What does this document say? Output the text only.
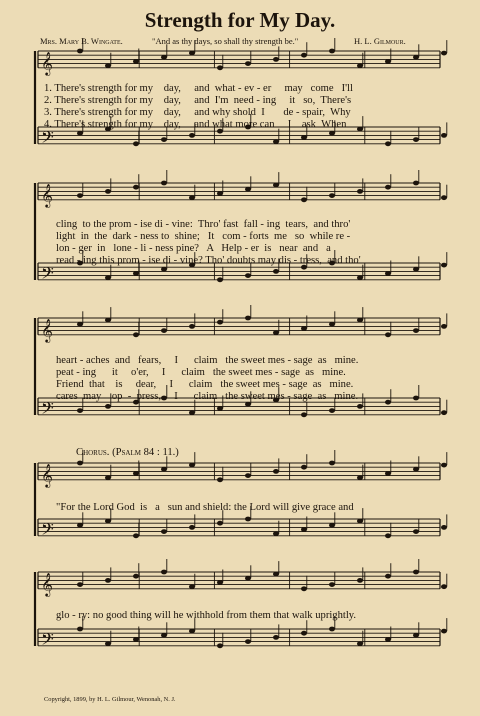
Strength for My Day.
Mrs. Mary B. Wingate.	"And as thy days, so shall thy strength be."	H. L. Gilmour.
𝄞
𝄢
𝄞
𝄢
𝄞
𝄢
𝄞
𝄢
𝄞
𝄢
1. There's strength for my    day,     and  what - ev - er     may   come   I'll
2. There's strength for my    day,     and  I'm  need - ing     it   so,  There's
3. There's strength for my    day,     and why shold  I       de - spair,  Why
4. There's strength for my    day,     and what more can     I    ask  When
cling  to the prom - ise di - vine:  Thro' fast  fall - ing  tears,  and thro'
light  in  the  dark - ness to  shine;   It   com - forts  me   so  while re -
lon - ger  in   lone - li - ness pine?   A   Help - er  is   near  and   a
read - ing this prom - ise di - vine? Tho' doubts may dis - tress,  and tho'
heart - aches  and   fears,     I      claim   the sweet mes - sage  as   mine.
peat - ing      it     o'er,     I      claim   the sweet mes - sage  as   mine.
Friend  that    is     dear,     I      claim   the sweet mes - sage  as   mine.
cares  may    op  -  press,     I      claim   the sweet mes - sage  as   mine.
Chorus. (Psalm 84 : 11.)
"For the Lord God  is   a   sun and shield: the Lord will give grace and
glo - ry: no good thing will he withhold from them that walk uprightly.
Copyright, 1899, by H. L. Gilmour, Wenonah, N. J.
